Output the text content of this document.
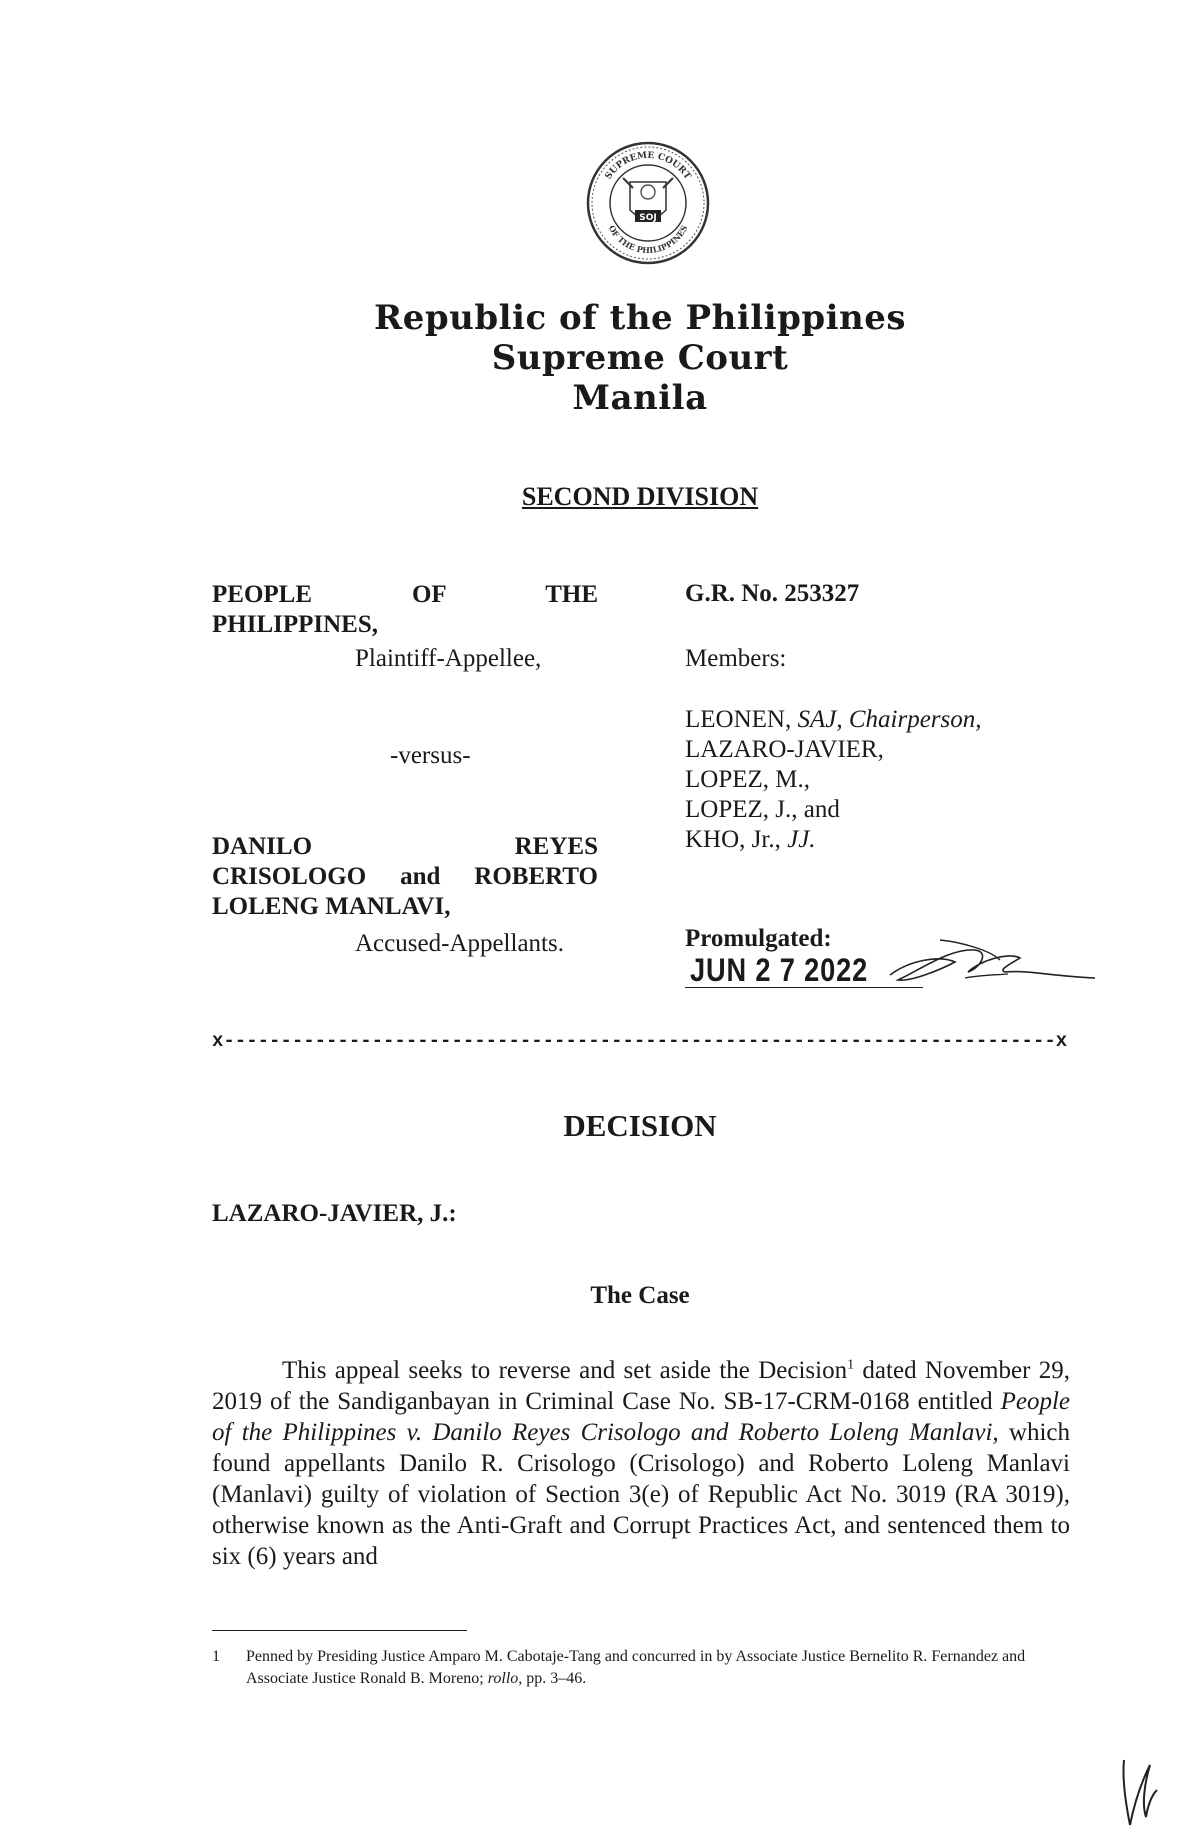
SUPREME COURT
OF THE PHILIPPINES
SOJ
Republic of the Philippines
Supreme Court
Manila
SECOND DIVISION
PEOPLE	OF	THE
PHILIPPINES,
Plaintiff-Appellee,
-versus-
DANILO	REYES
CRISOLOGO and ROBERTO
LOLENG MANLAVI,
Accused-Appellants.
G.R. No. 253327
Members:
LEONEN, SAJ, Chairperson,
LAZARO-JAVIER,
LOPEZ, M.,
LOPEZ, J., and
KHO, Jr., JJ.
Promulgated:
JUN 2 7 2022
x-------------------------------------------------------------------------x
DECISION
LAZARO-JAVIER, J.:
The Case
This appeal seeks to reverse and set aside the Decision$^1$ dated November 29, 2019 of the Sandiganbayan in Criminal Case No. SB-17-CRM-0168 entitled People of the Philippines v. Danilo Reyes Crisologo and Roberto Loleng Manlavi, which found appellants Danilo R. Crisologo (Crisologo) and Roberto Loleng Manlavi (Manlavi) guilty of violation of Section 3(e) of Republic Act No. 3019 (RA 3019), otherwise known as the Anti-Graft and Corrupt Practices Act, and sentenced them to six (6) years and
1 Penned by Presiding Justice Amparo M. Cabotaje-Tang and concurred in by Associate Justice Bernelito R. Fernandez and Associate Justice Ronald B. Moreno; rollo, pp. 3–46.
